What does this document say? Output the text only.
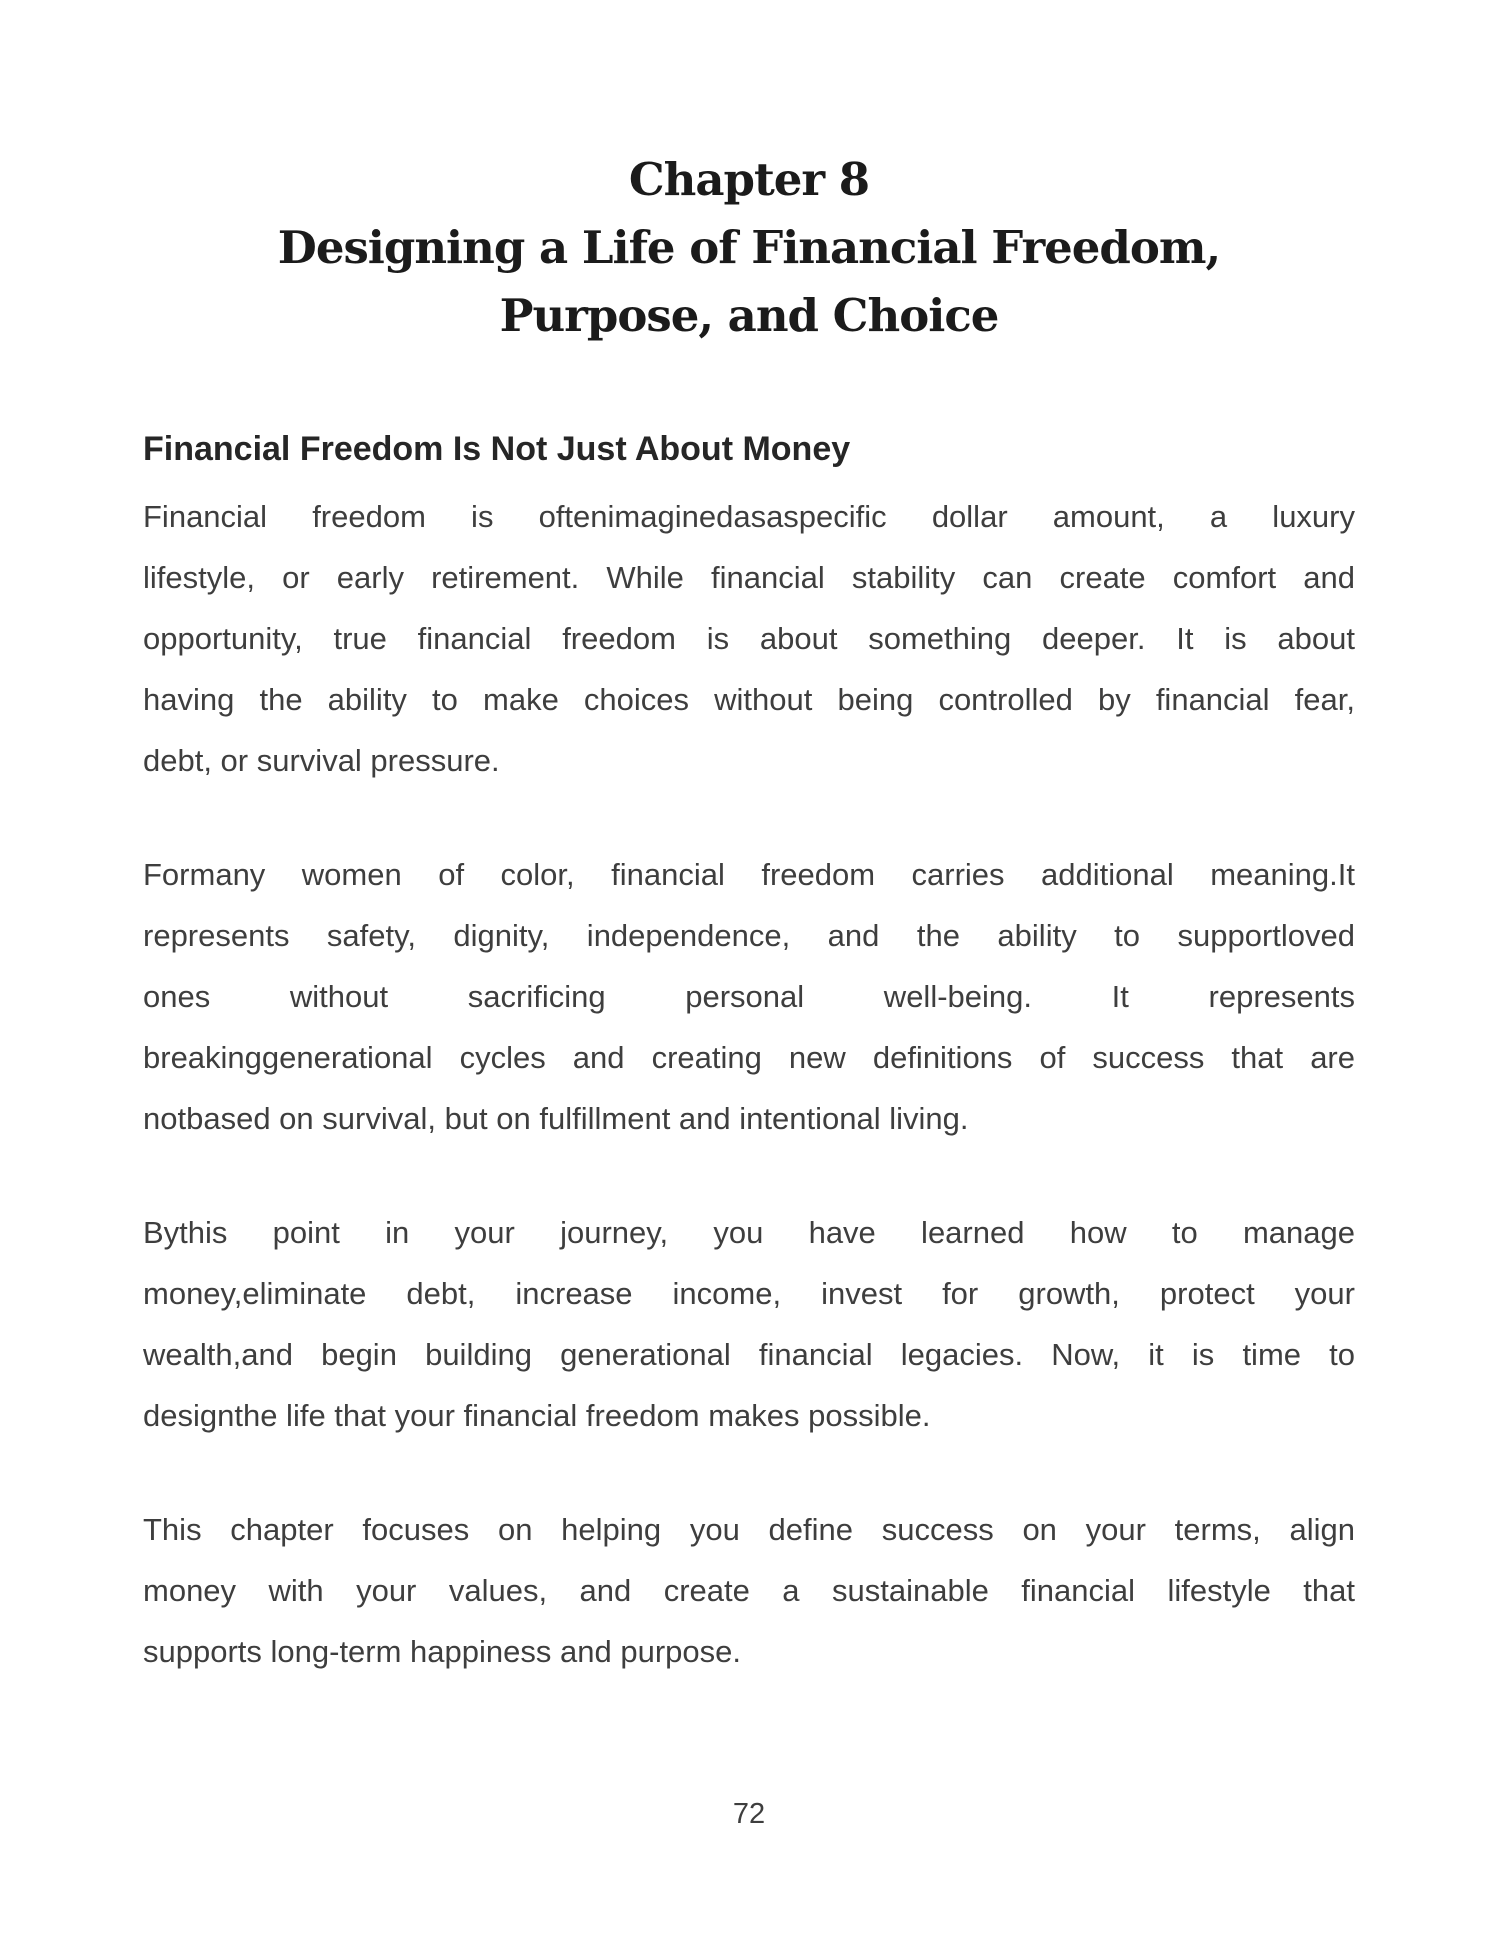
Chapter 8
Designing a Life of Financial Freedom,
Purpose, and Choice
Financial Freedom Is Not Just About Money
Financial freedom is oftenimaginedasaspecific dollar amount, a luxury
lifestyle, or early retirement. While financial stability can create comfort and
opportunity, true financial freedom is about something deeper. It is about
having the ability to make choices without being controlled by financial fear,
debt, or survival pressure.
Formany women of color, financial freedom carries additional meaning.It
represents safety, dignity, independence, and the ability to supportloved
ones without sacrificing personal well-being. It represents
breakinggenerational cycles and creating new definitions of success that are
notbased on survival, but on fulfillment and intentional living.
Bythis point in your journey, you have learned how to manage
money,eliminate debt, increase income, invest for growth, protect your
wealth,and begin building generational financial legacies. Now, it is time to
designthe life that your financial freedom makes possible.
This chapter focuses on helping you define success on your terms, align
money with your values, and create a sustainable financial lifestyle that
supports long-term happiness and purpose.
72
